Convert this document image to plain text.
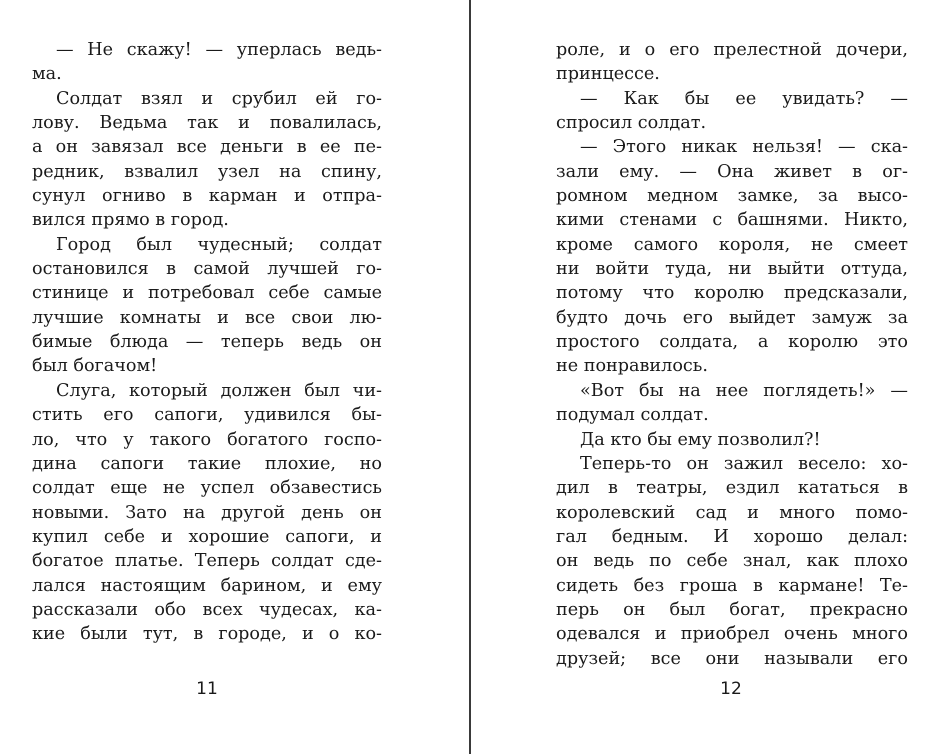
— Не скажу! — уперлась ведь-
ма.
Солдат взял и срубил ей го-
лову. Ведьма так и повалилась,
а он завязал все деньги в ее пе-
редник, взвалил узел на спину,
сунул огниво в карман и отпра-
вился прямо в город.
Город был чудесный; солдат
остановился в самой лучшей го-
стинице и потребовал себе самые
лучшие комнаты и все свои лю-
бимые блюда — теперь ведь он
был богачом!
Слуга, который должен был чи-
стить его сапоги, удивился бы-
ло, что у такого богатого госпо-
дина сапоги такие плохие, но
солдат еще не успел обзавестись
новыми. Зато на другой день он
купил себе и хорошие сапоги, и
богатое платье. Теперь солдат сде-
лался настоящим барином, и ему
рассказали обо всех чудесах, ка-
кие были тут, в городе, и о ко-
11
роле, и о его прелестной дочери,
принцессе.
— Как бы ее увидать? —
спросил солдат.
— Этого никак нельзя! — ска-
зали ему. — Она живет в ог-
ромном медном замке, за высо-
кими стенами с башнями. Никто,
кроме самого короля, не смеет
ни войти туда, ни выйти оттуда,
потому что королю предсказали,
будто дочь его выйдет замуж за
простого солдата, а королю это
не понравилось.
«Вот бы на нее поглядеть!» —
подумал солдат.
Да кто бы ему позволил?!
Теперь-то он зажил весело: хо-
дил в театры, ездил кататься в
королевский сад и много помо-
гал бедным. И хорошо делал:
он ведь по себе знал, как плохо
сидеть без гроша в кармане! Те-
перь он был богат, прекрасно
одевался и приобрел очень много
друзей; все они называли его
12
